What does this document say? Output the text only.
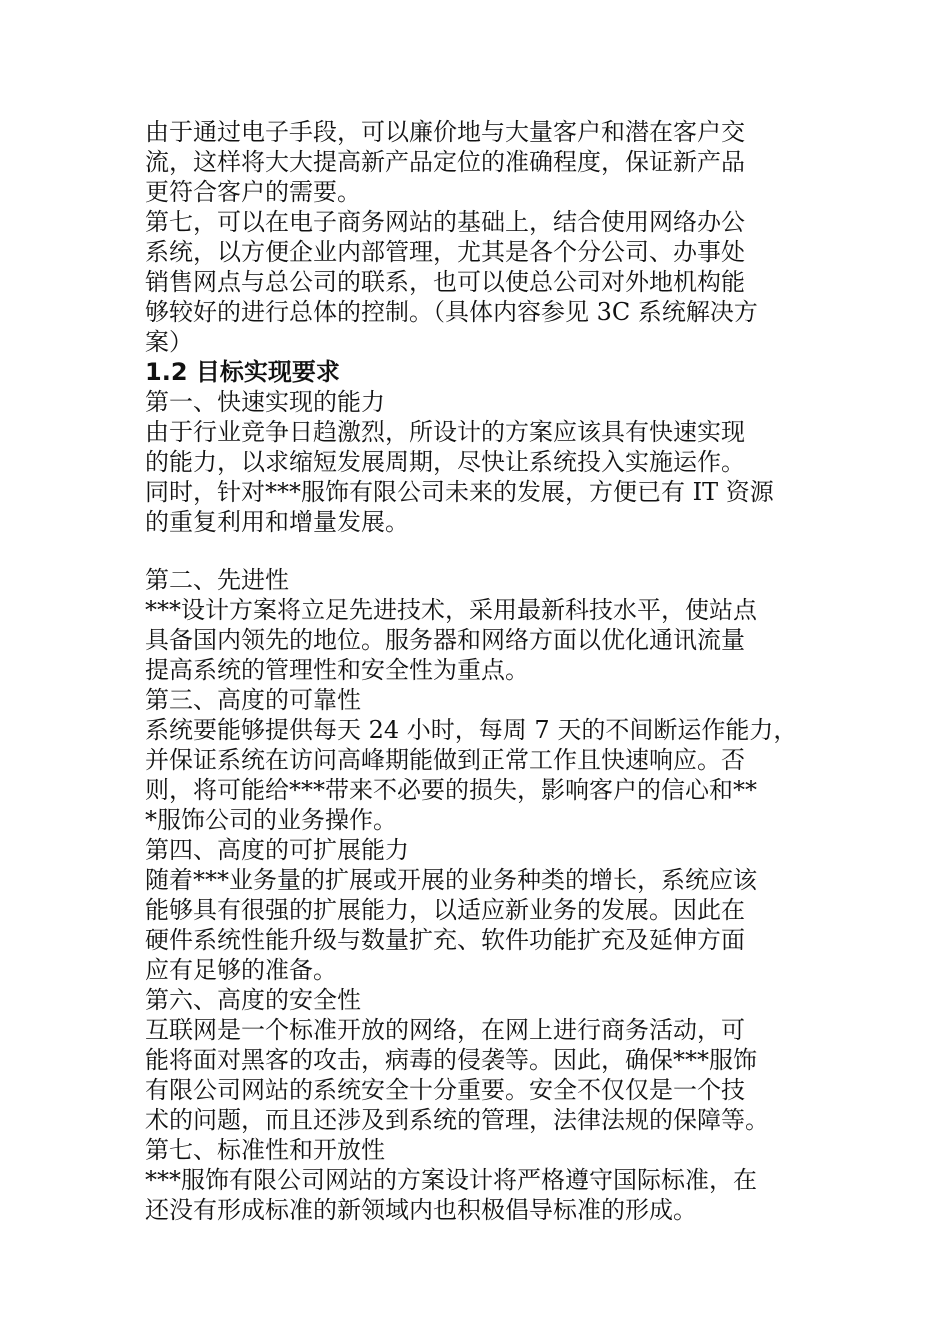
由于通过电子手段，可以廉价地与大量客户和潜在客户交
流，这样将大大提高新产品定位的准确程度，保证新产品
更符合客户的需要。
第七，可以在电子商务网站的基础上，结合使用网络办公
系统，以方便企业内部管理，尤其是各个分公司、办事处
销售网点与总公司的联系，也可以使总公司对外地机构能
够较好的进行总体的控制。（具体内容参见 3C 系统解决方
案）
1.2 目标实现要求
第一、快速实现的能力
由于行业竞争日趋激烈，所设计的方案应该具有快速实现
的能力，以求缩短发展周期，尽快让系统投入实施运作。
同时，针对***服饰有限公司未来的发展，方便已有 IT 资源
的重复利用和增量发展。
第二、先进性
***设计方案将立足先进技术，采用最新科技水平，使站点
具备国内领先的地位。服务器和网络方面以优化通讯流量
提高系统的管理性和安全性为重点。
第三、高度的可靠性
系统要能够提供每天 24 小时，每周 7 天的不间断运作能力，
并保证系统在访问高峰期能做到正常工作且快速响应。否
则，将可能给***带来不必要的损失，影响客户的信心和**
*服饰公司的业务操作。
第四、高度的可扩展能力
随着***业务量的扩展或开展的业务种类的增长，系统应该
能够具有很强的扩展能力，以适应新业务的发展。因此在
硬件系统性能升级与数量扩充、软件功能扩充及延伸方面
应有足够的准备。
第六、高度的安全性
互联网是一个标准开放的网络，在网上进行商务活动，可
能将面对黑客的攻击，病毒的侵袭等。因此，确保***服饰
有限公司网站的系统安全十分重要。安全不仅仅是一个技
术的问题，而且还涉及到系统的管理，法律法规的保障等。
第七、标准性和开放性
***服饰有限公司网站的方案设计将严格遵守国际标准，在
还没有形成标准的新领域内也积极倡导标准的形成。
